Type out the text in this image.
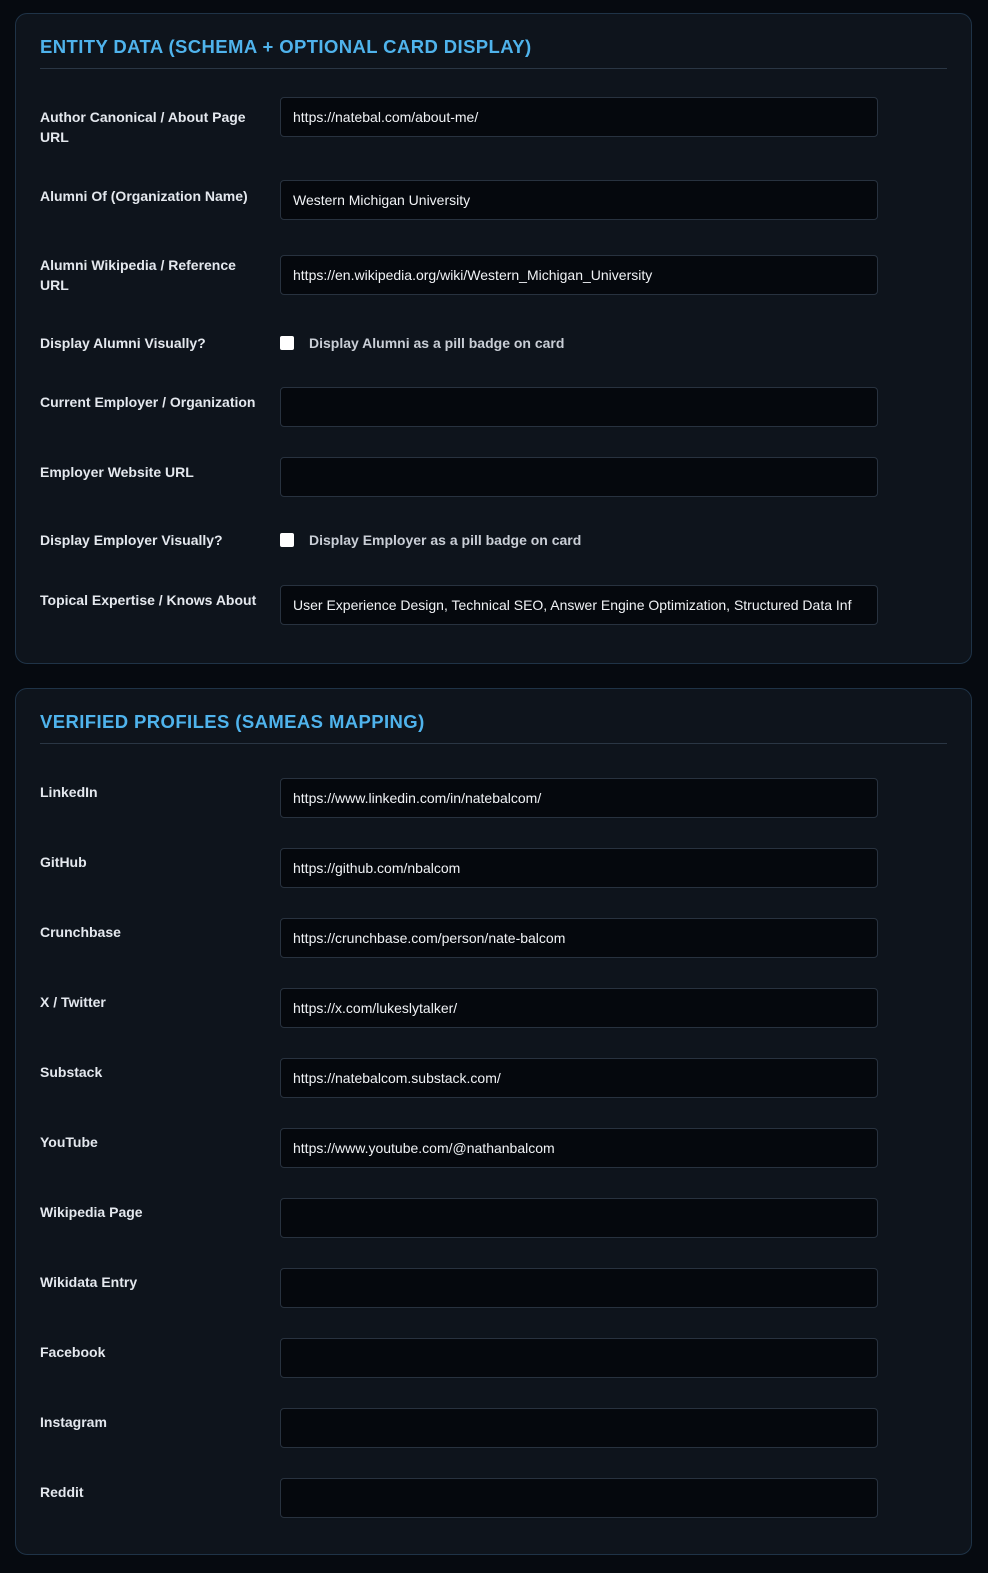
ENTITY DATA (SCHEMA + OPTIONAL CARD DISPLAY)
Author Canonical / About Page URL
https://natebal.com/about-me/
Alumni Of (Organization Name)
Western Michigan University
Alumni Wikipedia / Reference URL
https://en.wikipedia.org/wiki/Western_Michigan_University
Display Alumni Visually?	Display Alumni as a pill badge on card
Current Employer / Organization
Employer Website URL
Display Employer Visually?	Display Employer as a pill badge on card
Topical Expertise / Knows About
User Experience Design, Technical SEO, Answer Engine Optimization, Structured Data Inf
VERIFIED PROFILES (SAMEAS MAPPING)
LinkedIn
https://www.linkedin.com/in/natebalcom/
GitHub
https://github.com/nbalcom
Crunchbase
https://crunchbase.com/person/nate-balcom
X / Twitter
https://x.com/lukeslytalker/
Substack
https://natebalcom.substack.com/
YouTube
https://www.youtube.com/@nathanbalcom
Wikipedia Page
Wikidata Entry
Facebook
Instagram
Reddit
